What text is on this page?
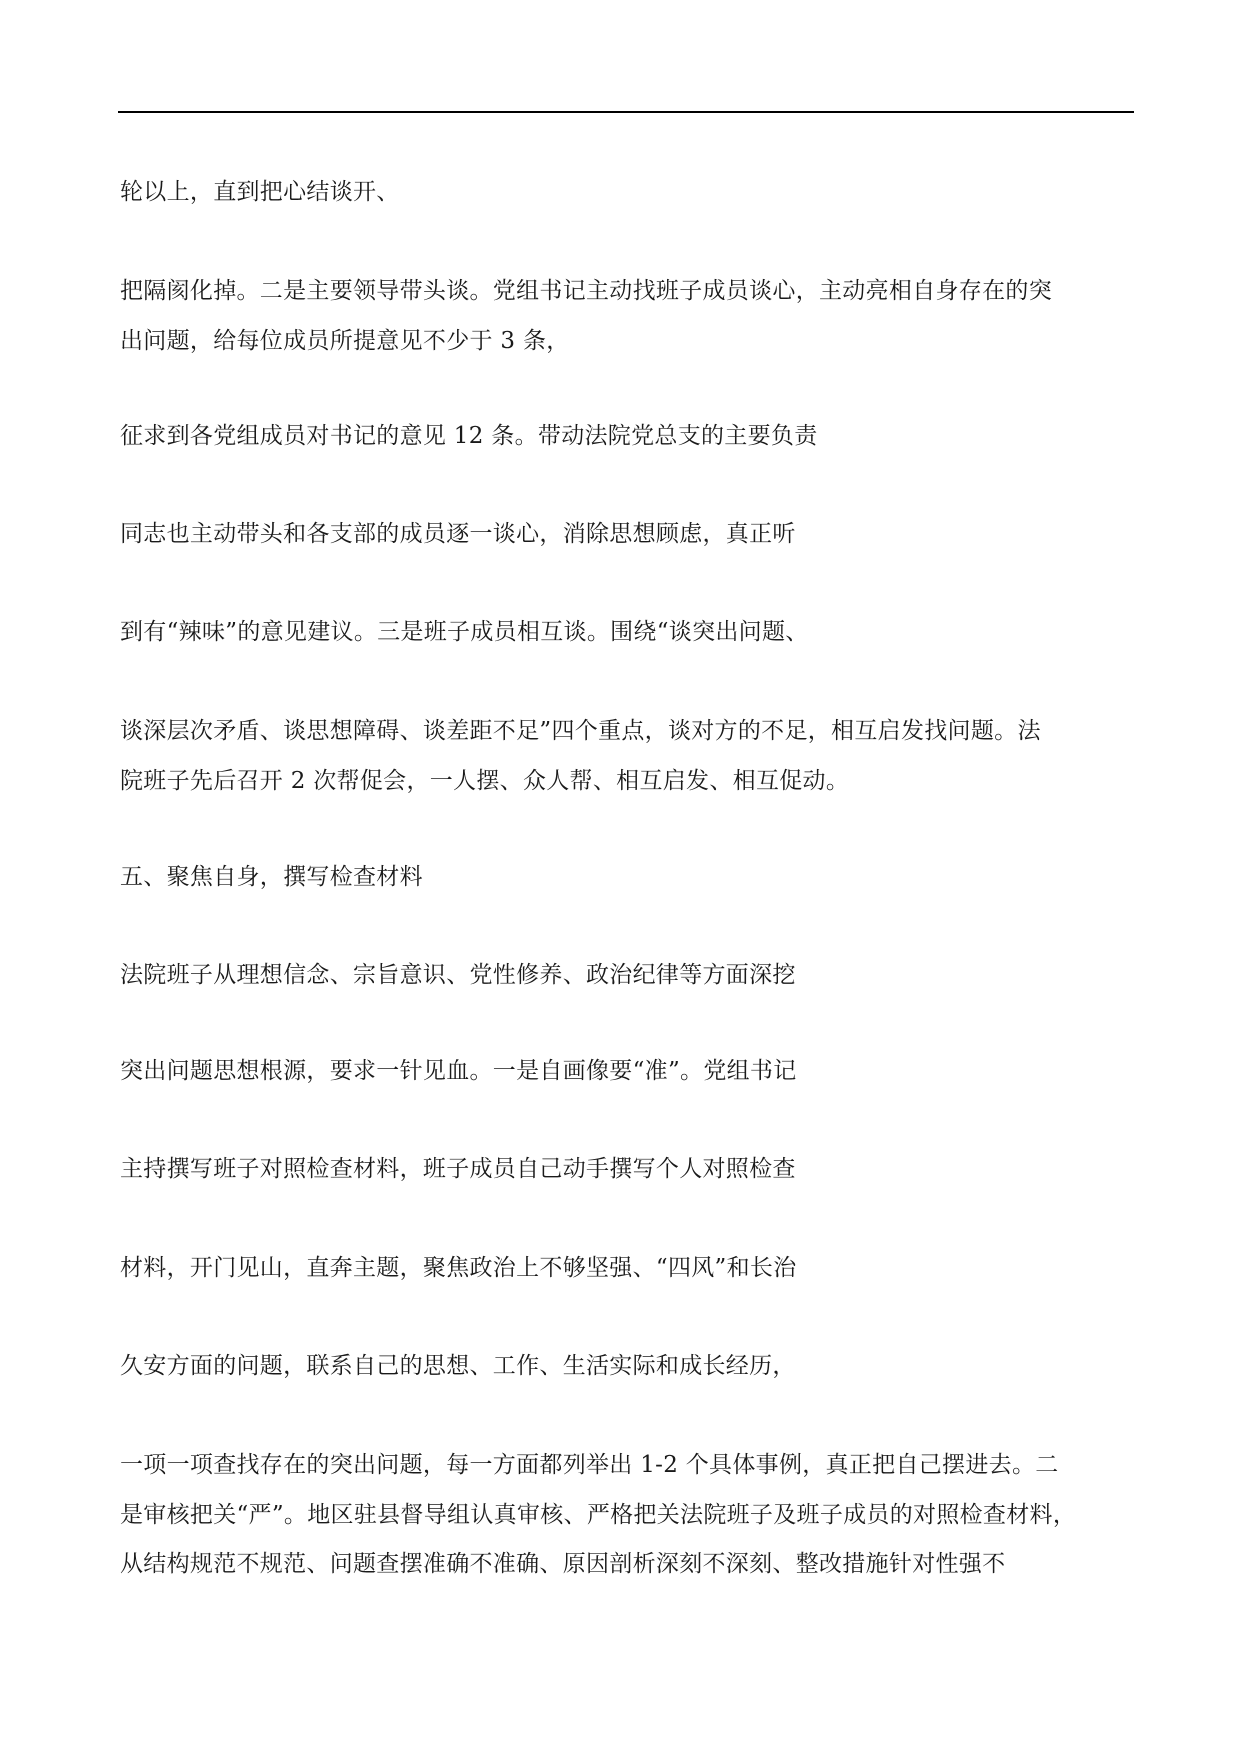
轮以上，直到把心结谈开、
把隔阂化掉。二是主要领导带头谈。党组书记主动找班子成员谈心，主动亮相自身存在的突
出问题，给每位成员所提意见不少于 3 条，
征求到各党组成员对书记的意见 12 条。带动法院党总支的主要负责
同志也主动带头和各支部的成员逐一谈心，消除思想顾虑，真正听
到有“辣味”的意见建议。三是班子成员相互谈。围绕“谈突出问题、
谈深层次矛盾、谈思想障碍、谈差距不足”四个重点，谈对方的不足，相互启发找问题。法
院班子先后召开 2 次帮促会，一人摆、众人帮、相互启发、相互促动。
五、聚焦自身，撰写检查材料
法院班子从理想信念、宗旨意识、党性修养、政治纪律等方面深挖
突出问题思想根源，要求一针见血。一是自画像要“准”。党组书记
主持撰写班子对照检查材料，班子成员自己动手撰写个人对照检查
材料，开门见山，直奔主题，聚焦政治上不够坚强、“四风”和长治
久安方面的问题，联系自己的思想、工作、生活实际和成长经历，
一项一项查找存在的突出问题，每一方面都列举出 1-2 个具体事例，真正把自己摆进去。二
是审核把关“严”。地区驻县督导组认真审核、严格把关法院班子及班子成员的对照检查材料，
从结构规范不规范、问题查摆准确不准确、原因剖析深刻不深刻、整改措施针对性强不
